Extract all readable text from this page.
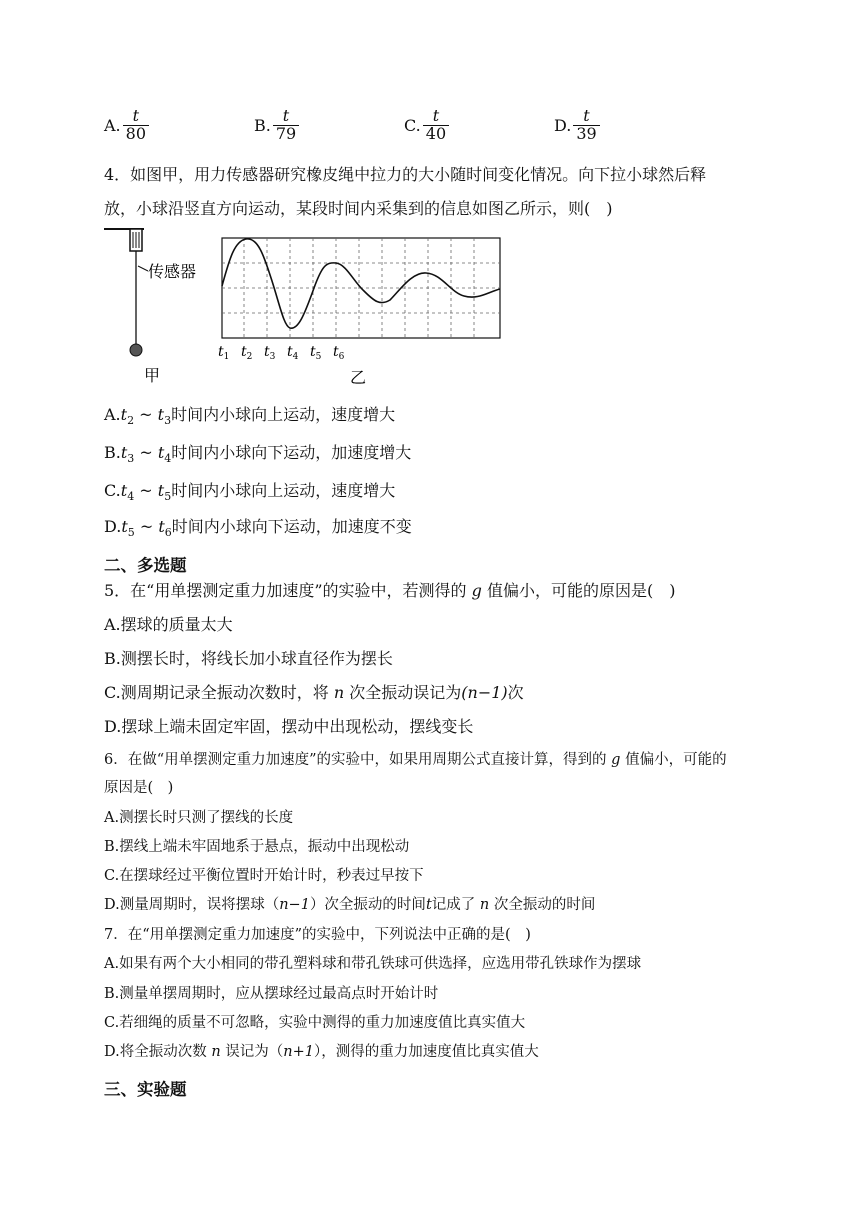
A. $\frac{t}{80}$	B. $\frac{t}{79}$	C. $\frac{t}{40}$	D. $\frac{t}{39}$
4．如图甲，用力传感器研究橡皮绳中拉力的大小随时间变化情况。向下拉小球然后释
放，小球沿竖直方向运动，某段时间内采集到的信息如图乙所示，则(　)
传感器
甲
$t_1$ $t_2$ $t_3$ $t_4$ $t_5$ $t_6$
乙
$A.t_2$ ~ $t_3$时间内小球向上运动，速度增大
$B.t_3$ ~ $t_4$时间内小球向下运动，加速度增大
$C.t_4$ ~ $t_5$时间内小球向上运动，速度增大
$D.t_5$ ~ $t_6$时间内小球向下运动，加速度不变
二、多选题
5．在“用单摆测定重力加速度”的实验中，若测得的 g 值偏小，可能的原因是(　)
A.摆球的质量太大
B.测摆长时，将线长加小球直径作为摆长
C.测周期记录全振动次数时，将 n 次全振动误记为(n−1)次
D.摆球上端未固定牢固，摆动中出现松动，摆线变长
6．在做“用单摆测定重力加速度”的实验中，如果用周期公式直接计算，得到的 g 值偏小，可能的
原因是(　)
A.测摆长时只测了摆线的长度
B.摆线上端未牢固地系于悬点，振动中出现松动
C.在摆球经过平衡位置时开始计时，秒表过早按下
D.测量周期时，误将摆球（n−1）次全振动的时间t记成了 n 次全振动的时间
7．在“用单摆测定重力加速度”的实验中，下列说法中正确的是(　)
A.如果有两个大小相同的带孔塑料球和带孔铁球可供选择，应选用带孔铁球作为摆球
B.测量单摆周期时，应从摆球经过最高点时开始计时
C.若细绳的质量不可忽略，实验中测得的重力加速度值比真实值大
D.将全振动次数 n 误记为（n+1），测得的重力加速度值比真实值大
三、实验题
